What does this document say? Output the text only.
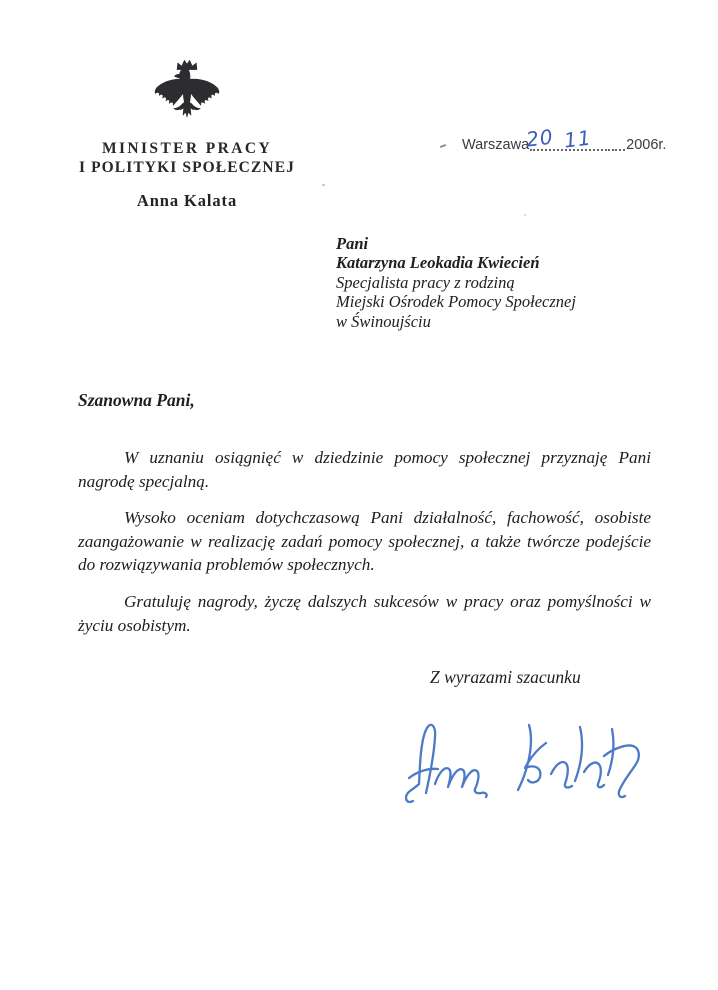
MINISTER PRACY
I POLITYKI SPOŁECZNEJ
Anna Kalata
Warszawa	2006r.
20 11
Pani
Katarzyna Leokadia Kwiecień
Specjalista pracy z rodziną
Miejski Ośrodek Pomocy Społecznej
w Świnoujściu
Szanowna Pani,

W uznaniu osiągnięć w dziedzinie pomocy społecznej przyznaję Pani nagrodę specjalną.

Wysoko oceniam dotychczasową Pani działalność, fachowość, osobiste zaangażowanie w realizację zadań pomocy społecznej, a także twórcze podejście do rozwiązywania problemów społecznych.

Gratuluję nagrody, życzę dalszych sukcesów w pracy oraz pomyślności w życiu osobistym.

Z wyrazami szacunku
